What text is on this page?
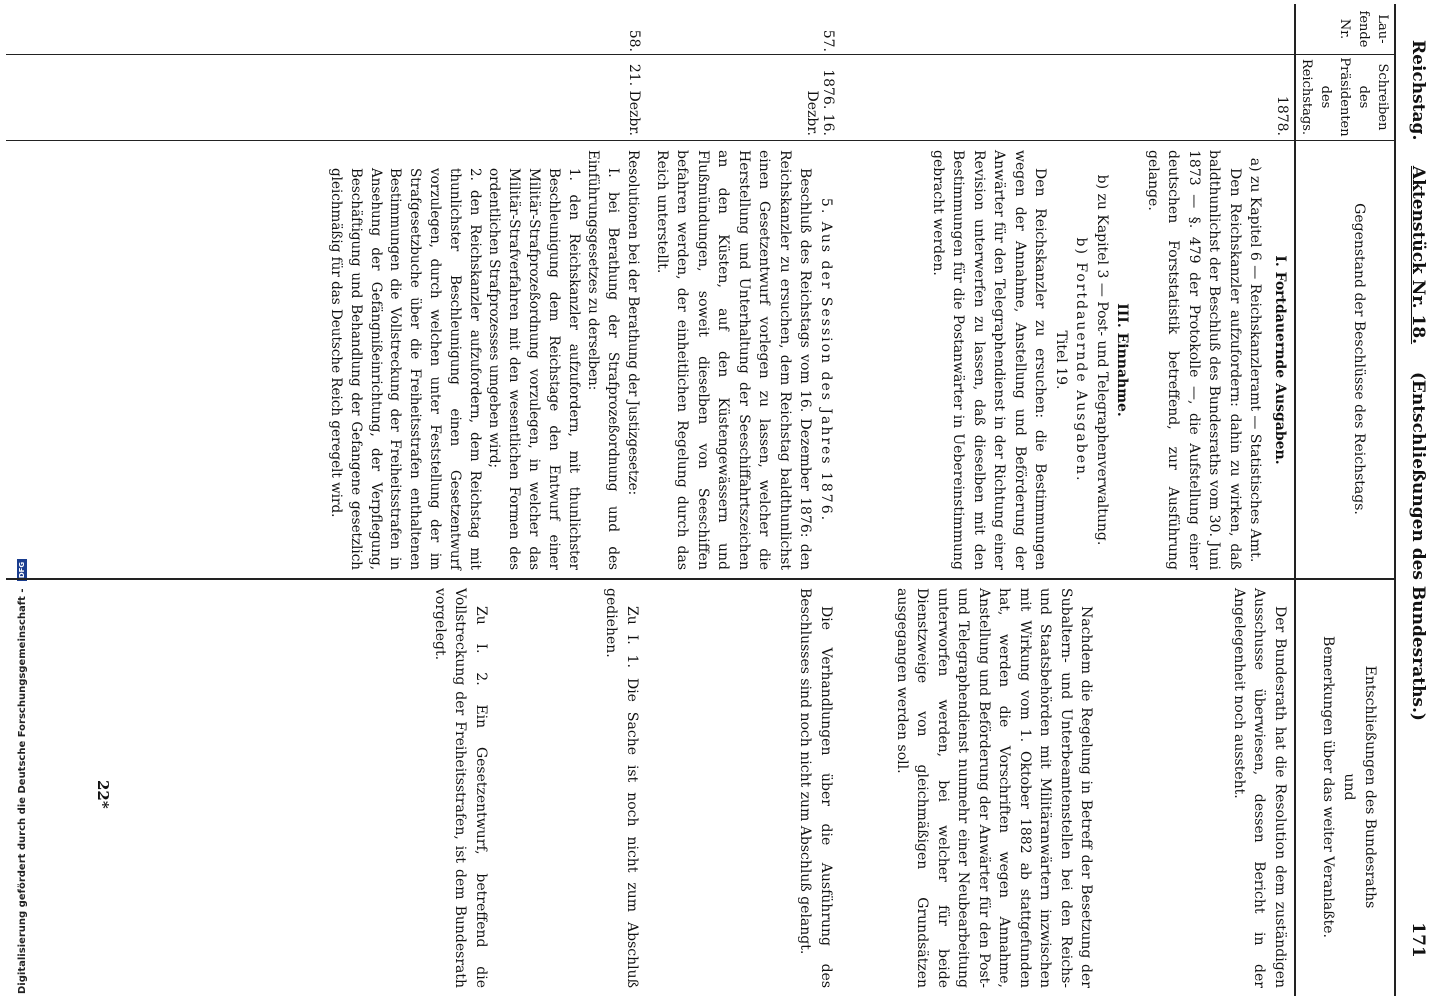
Digitalisierung gefördert durch die Deutsche Forschungsgemeinschaft - DFG
Reichstag. Aktenstück Nr. 18. (Entschließungen des Bundesraths.) 171
Lau-
fende
Nr.
Schreiben
des
Präsidenten
des
Reichstags.
Gegenstand der Beschlüsse des Reichstags.
Entschließungen des Bundesraths
und
Bemerkungen über das weiter Veranlaßte.
1878.

I. Fortdauernde Ausgaben.

a) zu Kapitel 6 — Reichskanzleramt — Statistisches Amt.

Den Reichskanzler aufzufordern: dahin zu wirken, daß baldthunlichst der Beschluß des Bundesraths vom 30. Juni 1873 — §. 479 der Protokolle —, die Aufstellung einer deutschen Forststatistik betreffend, zur Ausführung gelange.

III. Einnahme.

b) zu Kapitel 3 — Post- und Telegraphenverwaltung.

b) Fortdauernde Ausgaben.

Titel 19.

Den Reichskanzler zu ersuchen: die Bestimmungen wegen der Annahme, Anstellung und Beförderung der Anwärter für den Telegraphendienst in der Richtung einer Revision unterwerfen zu lassen, daß dieselben mit den Bestimmungen für die Postanwärter in Uebereinstimmung gebracht werden.

Der Bundesrath hat die Resolution dem zuständigen Ausschusse überwiesen, dessen Bericht in der Angelegenheit noch aussteht.

Nachdem die Regelung in Betreff der Besetzung der Subaltern- und Unterbeamtenstellen bei den Reichs- und Staatsbehörden mit Militäranwärtern inzwischen mit Wirkung vom 1. Oktober 1882 ab stattgefunden hat, werden die Vorschriften wegen Annahme, Anstellung und Beförderung der Anwärter für den Post- und Telegraphendienst nunmehr einer Neubearbeitung unterworfen werden, bei welcher für beide Dienstzweige von gleichmäßigen Grundsätzen ausgegangen werden soll.

57.
1876. 16. Dezbr.

5. Aus der Session des Jahres 1876.

Beschluß des Reichstags vom 16. Dezember 1876: den Reichskanzler zu ersuchen, dem Reichstag baldthunlichst einen Gesetzentwurf vorlegen zu lassen, welcher die Herstellung und Unterhaltung der Seeschiffahrtszeichen an den Küsten, auf den Küstengewässern und Flußmündungen, soweit dieselben von Seeschiffen befahren werden, der einheitlichen Regelung durch das Reich unterstellt.

Die Verhandlungen über die Ausführung des Beschlusses sind noch nicht zum Abschluß gelangt.

58.
21. Dezbr.

Resolutionen bei der Berathung der Justizgesetze:

I. bei Berathung der Strafprozeßordnung und des Einführungsgesetzes zu derselben:

1. den Reichskanzler aufzufordern, mit thunlichster Beschleunigung dem Reichstage den Entwurf einer Militär-Strafprozeßordnung vorzulegen, in welcher das Militär-Strafverfahren mit den wesentlichen Formen des ordentlichen Strafprozesses umgeben wird;

2. den Reichskanzler aufzufordern, dem Reichstag mit thunlichster Beschleunigung einen Gesetzentwurf vorzulegen, durch welchen unter Feststellung der im Strafgesetzbuche über die Freiheitsstrafen enthaltenen Bestimmungen die Vollstreckung der Freiheitsstrafen in Ansehung der Gefängnißeinrichtung, der Verpflegung, Beschäftigung und Behandlung der Gefangene gesetzlich gleichmäßig für das Deutsche Reich geregelt wird.

Zu I. 1. Die Sache ist noch nicht zum Abschluß gediehen.

Zu I. 2. Ein Gesetzentwurf, betreffend die Vollstreckung der Freiheitsstrafen, ist dem Bundesrath vorgelegt.

22*
